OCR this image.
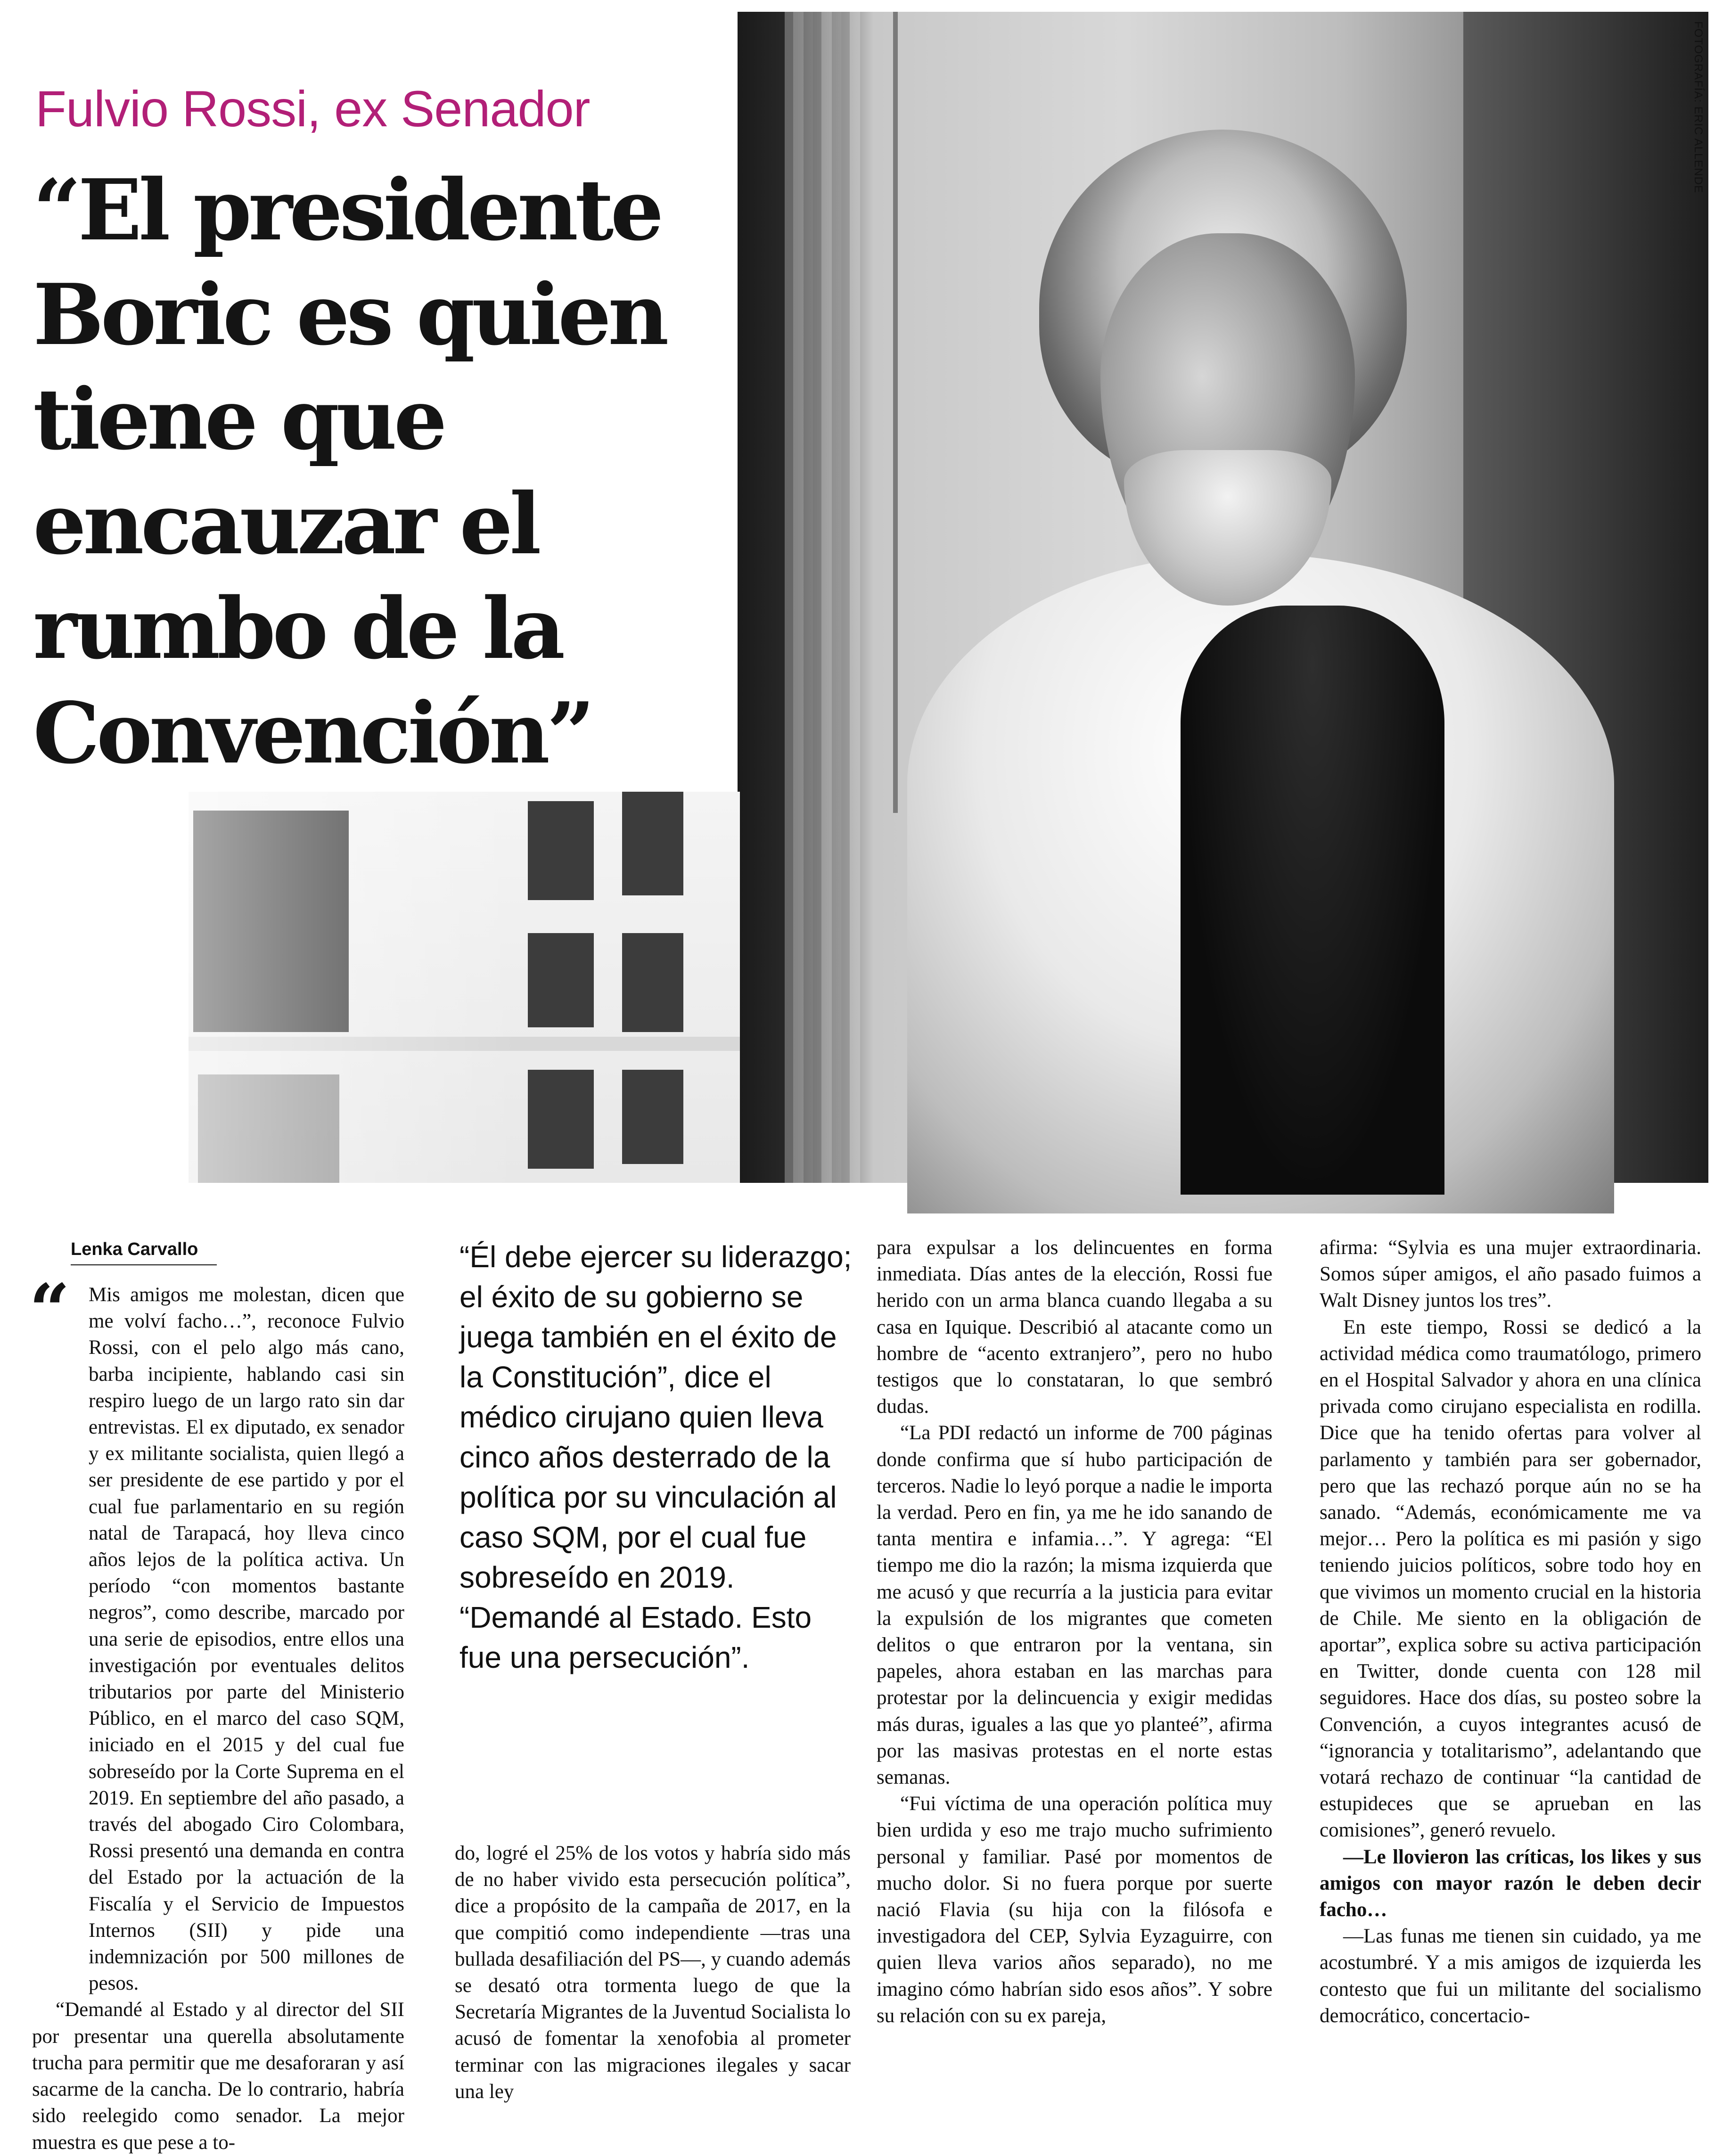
FOTOGRAFÍA: ERIC ALLENDE
Fulvio Rossi, ex Senador
“El presidente
Boric es quien
tiene que
encauzar el
rumbo de la
Convención”
Lenka Carvallo
“ Mis amigos me molestan, dicen que me volví facho…”, reconoce Fulvio Rossi, con el pelo algo más cano, barba incipiente, hablando casi sin respiro luego de un largo rato sin dar entrevistas. El ex diputado, ex senador y ex militante socialista, quien llegó a ser presidente de ese partido y por el cual fue parlamentario en su región natal de Tarapacá, hoy lleva cinco años lejos de la política activa. Un período “con momentos bastante negros”, como describe, marcado por una serie de episodios, entre ellos una investigación por eventuales delitos tributarios por parte del Ministerio Público, en el marco del caso SQM, iniciado en el 2015 y del cual fue sobreseído por la Corte Suprema en el 2019. En septiembre del año pasado, a través del abogado Ciro Colombara, Rossi presentó una demanda en contra del Estado por la actuación de la Fiscalía y el Servicio de Impuestos Internos (SII) y pide una indemnización por 500 millones de pesos.

“Demandé al Estado y al director del SII por presentar una querella absolutamente trucha para permitir que me desaforaran y así sacarme de la cancha. De lo contrario, habría sido reelegido como senador. La mejor muestra es que pese a to-

“Él debe ejercer su liderazgo; el éxito de su gobierno se juega también en el éxito de la Constitución”, dice el médico cirujano quien lleva cinco años desterrado de la política por su vinculación al caso SQM, por el cual fue sobreseído en 2019. “Demandé al Estado. Esto fue una persecución”.

do, logré el 25% de los votos y habría sido más de no haber vivido esta persecución política”, dice a propósito de la campaña de 2017, en la que compitió como independiente —tras una bullada desafiliación del PS—, y cuando además se desató otra tormenta luego de que la Secretaría Migrantes de la Juventud Socialista lo acusó de fomentar la xenofobia al prometer terminar con las migraciones ilegales y sacar una ley

para expulsar a los delincuentes en forma inmediata. Días antes de la elección, Rossi fue herido con un arma blanca cuando llegaba a su casa en Iquique. Describió al atacante como un hombre de “acento extranjero”, pero no hubo testigos que lo constataran, lo que sembró dudas.

“La PDI redactó un informe de 700 páginas donde confirma que sí hubo participación de terceros. Nadie lo leyó porque a nadie le importa la verdad. Pero en fin, ya me he ido sanando de tanta mentira e infamia…”. Y agrega: “El tiempo me dio la razón; la misma izquierda que me acusó y que recurría a la justicia para evitar la expulsión de los migrantes que cometen delitos o que entraron por la ventana, sin papeles, ahora estaban en las marchas para protestar por la delincuencia y exigir medidas más duras, iguales a las que yo planteé”, afirma por las masivas protestas en el norte estas semanas.

“Fui víctima de una operación política muy bien urdida y eso me trajo mucho sufrimiento personal y familiar. Pasé por momentos de mucho dolor. Si no fuera porque por suerte nació Flavia (su hija con la filósofa e investigadora del CEP, Sylvia Eyzaguirre, con quien lleva varios años separado), no me imagino cómo habrían sido esos años”. Y sobre su relación con su ex pareja,

afirma: “Sylvia es una mujer extraordinaria. Somos súper amigos, el año pasado fuimos a Walt Disney juntos los tres”.

En este tiempo, Rossi se dedicó a la actividad médica como traumatólogo, primero en el Hospital Salvador y ahora en una clínica privada como cirujano especialista en rodilla. Dice que ha tenido ofertas para volver al parlamento y también para ser gobernador, pero que las rechazó porque aún no se ha sanado. “Además, económicamente me va mejor… Pero la política es mi pasión y sigo teniendo juicios políticos, sobre todo hoy en que vivimos un momento crucial en la historia de Chile. Me siento en la obligación de aportar”, explica sobre su activa participación en Twitter, donde cuenta con 128 mil seguidores. Hace dos días, su posteo sobre la Convención, a cuyos integrantes acusó de “ignorancia y totalitarismo”, adelantando que votará rechazo de continuar “la cantidad de estupideces que se aprueban en las comisiones”, generó revuelo.

—Le llovieron las críticas, los likes y sus amigos con mayor razón le deben decir facho…

—Las funas me tienen sin cuidado, ya me acostumbré. Y a mis amigos de izquierda les contesto que fui un militante del socialismo democrático, concertacio-
